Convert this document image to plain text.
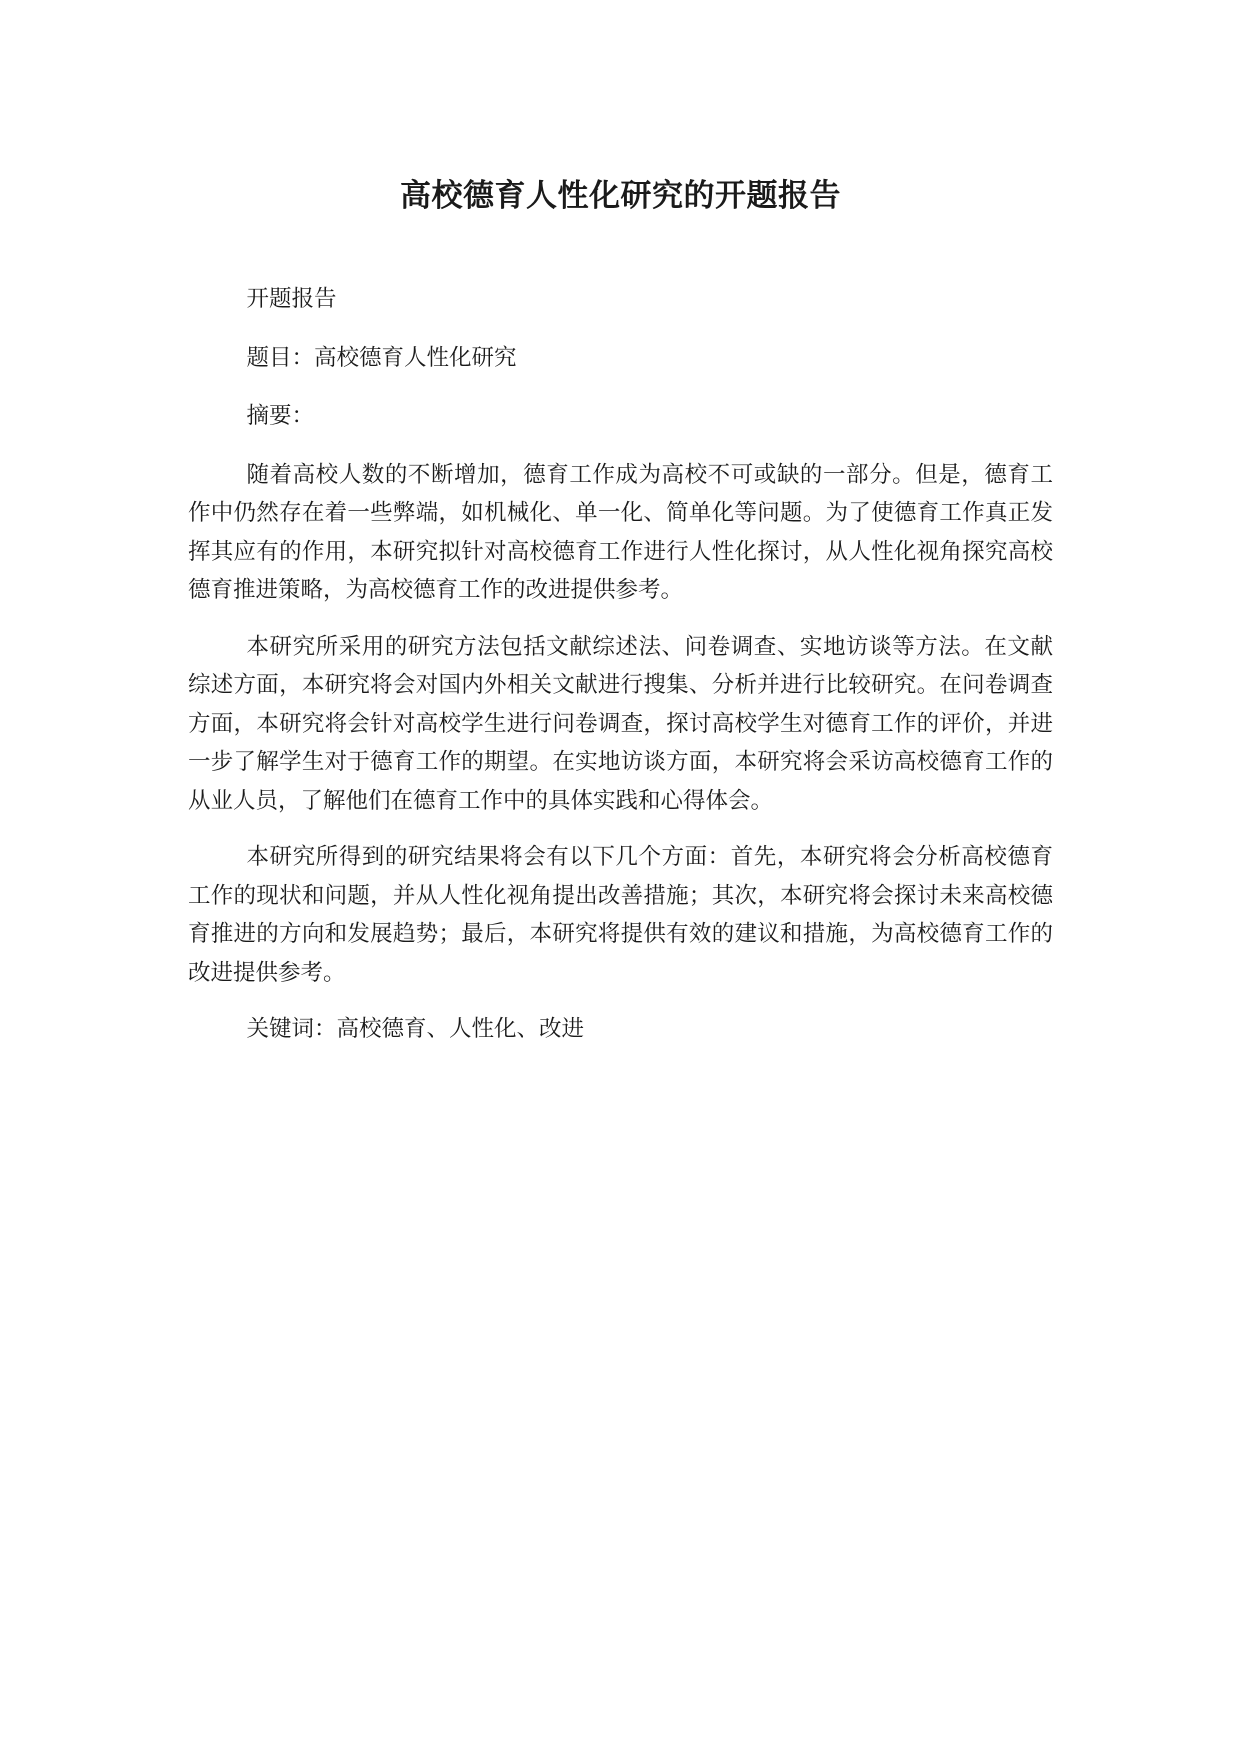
高校德育人性化研究的开题报告

开题报告

题目：高校德育人性化研究

摘要：

随着高校人数的不断增加，德育工作成为高校不可或缺的一部分。但是，德育工作中仍然存在着一些弊端，如机械化、单一化、简单化等问题。为了使德育工作真正发挥其应有的作用，本研究拟针对高校德育工作进行人性化探讨，从人性化视角探究高校德育推进策略，为高校德育工作的改进提供参考。

本研究所采用的研究方法包括文献综述法、问卷调查、实地访谈等方法。在文献综述方面，本研究将会对国内外相关文献进行搜集、分析并进行比较研究。在问卷调查方面，本研究将会针对高校学生进行问卷调查，探讨高校学生对德育工作的评价，并进一步了解学生对于德育工作的期望。在实地访谈方面，本研究将会采访高校德育工作的从业人员，了解他们在德育工作中的具体实践和心得体会。

本研究所得到的研究结果将会有以下几个方面：首先，本研究将会分析高校德育工作的现状和问题，并从人性化视角提出改善措施；其次，本研究将会探讨未来高校德育推进的方向和发展趋势；最后，本研究将提供有效的建议和措施，为高校德育工作的改进提供参考。

关键词：高校德育、人性化、改进
